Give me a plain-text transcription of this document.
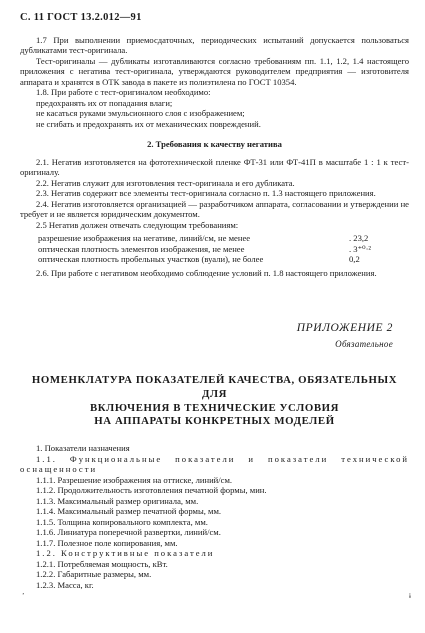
С. 11 ГОСТ 13.2.012—91

1.7 При выполнении приемосдаточных, периодических испытаний допускается пользоваться дубликатами тест-оригинала.

Тест-оригиналы — дубликаты изготавливаются согласно требованиям пп. 1.1, 1.2, 1.4 настоящего приложения с негатива тест-оригинала, утверждаются руководителем предприятия — изготовителя аппарата и хранятся в ОТК завода в пакете из полиэтилена по ГОСТ 10354.

1.8. При работе с тест-оригиналом необходимо:

предохранять их от попадания влаги;

не касаться руками эмульсионного слоя с изображением;

не сгибать и предохранять их от механических повреждений.

2. Требования к качеству негатива

2.1. Негатив изготовляется на фототехнической пленке ФТ-31 или ФТ-41П в масштабе 1 : 1 к тест-оригиналу.

2.2. Негатив служит для изготовления тест-оригинала и его дубликата.

2.3. Негатив содержит все элементы тест-оригинала согласно п. 1.3 настоящего приложения.

2.4. Негатив изготовляется организацией — разработчиком аппарата, согласовании и утверждении не требует и не является юридическим документом.

2.5 Негатив должен отвечать следующим требованиям:

разрешение изображения на негативе, линий/см, не менее	. 23,2
оптическая плотность элементов изображения, не менее	. 3⁺⁰·²
оптическая плотность пробельных участков (вуали), не более	0,2

2.6. При работе с негативом необходимо соблюдение условий п. 1.8 настоящего приложения.

ПРИЛОЖЕНИЕ 2
Обязательное
НОМЕНКЛАТУРА ПОКАЗАТЕЛЕЙ КАЧЕСТВА, ОБЯЗАТЕЛЬНЫХ ДЛЯ
ВКЛЮЧЕНИЯ В ТЕХНИЧЕСКИЕ УСЛОВИЯ
НА АППАРАТЫ КОНКРЕТНЫХ МОДЕЛЕЙ

1. Показатели назначения

1.1. Функциональные показатели и показатели технической оснащенности

1.1.1. Разрешение изображения на оттиске, линий/см.

1.1.2. Продолжительность изготовления печатной формы, мин.

1.1.3. Максимальный размер оригинала, мм.

1.1.4. Максимальный размер печатной формы, мм.

1.1.5. Толщина копировального комплекта, мм.

1.1.6. Линиатура поперечной развертки, линий/см.

1.1.7. Полезное поле копирования, мм.

1.2. Конструктивные показатели

1.2.1. Потребляемая мощность, кВт.

1.2.2. Габаритные размеры, мм.

1.2.3. Масса, кг.

ʼ	ɨ
